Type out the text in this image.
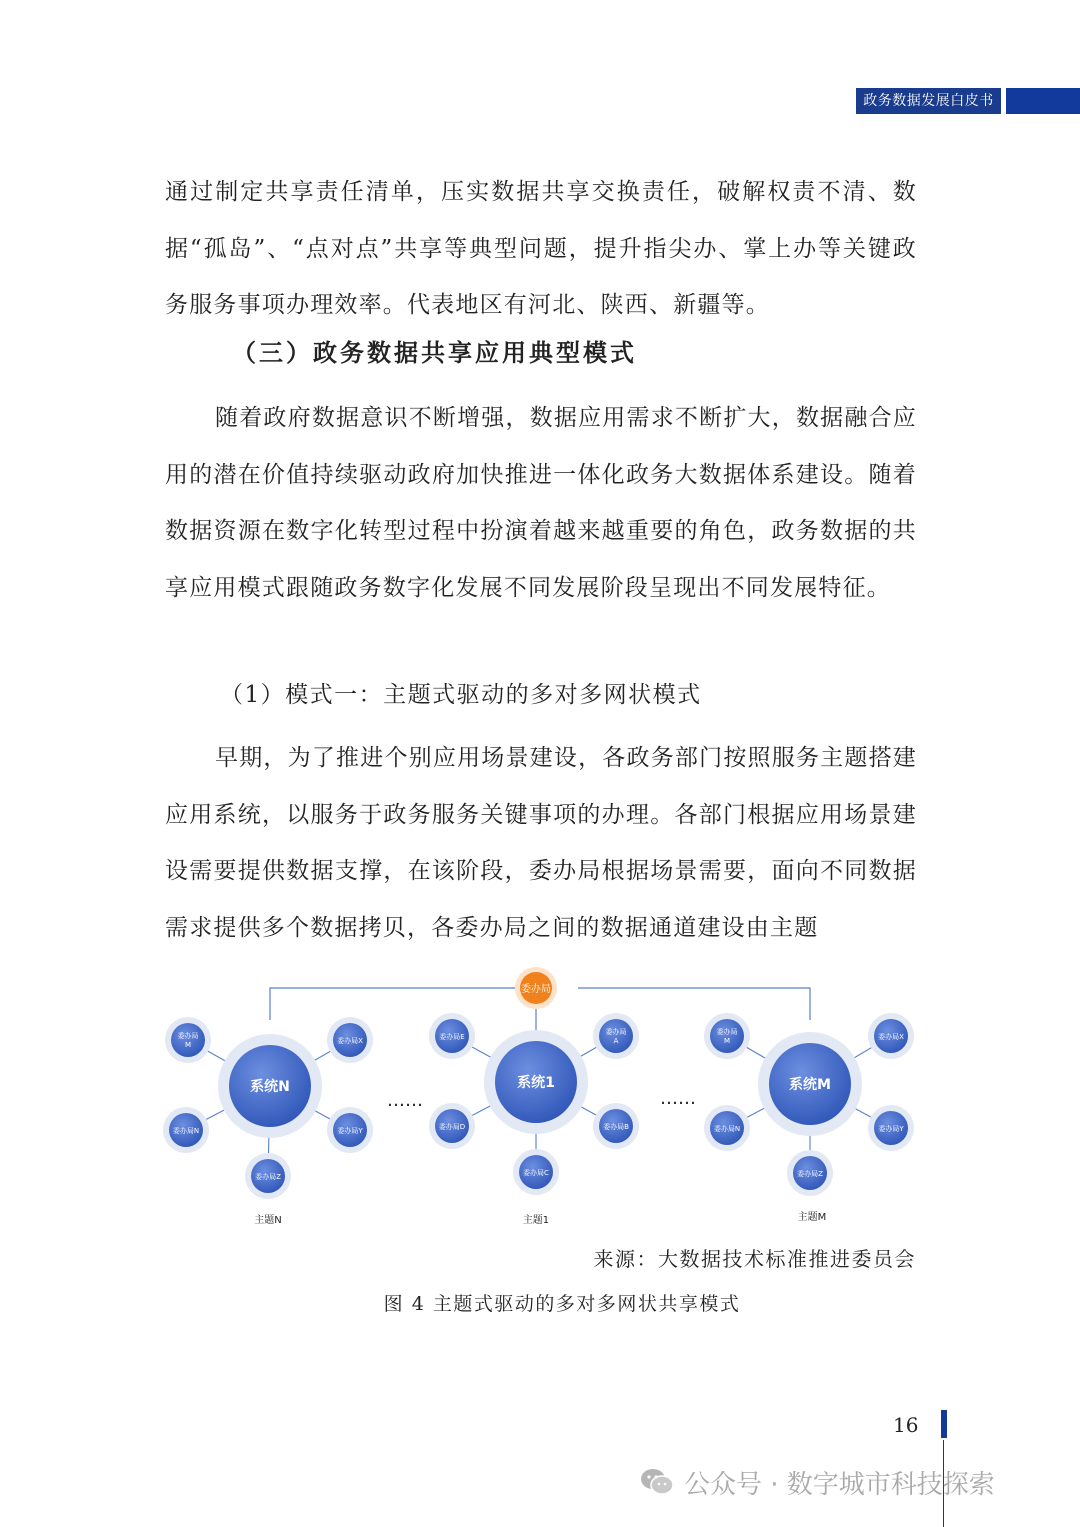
政务数据发展白皮书

通过制定共享责任清单，压实数据共享交换责任，破解权责不清、数据“孤岛”、“点对点”共享等典型问题，提升指尖办、掌上办等关键政务服务事项办理效率。代表地区有河北、陕西、新疆等。

（三）政务数据共享应用典型模式

随着政府数据意识不断增强，数据应用需求不断扩大，数据融合应用的潜在价值持续驱动政府加快推进一体化政务大数据体系建设。随着数据资源在数字化转型过程中扮演着越来越重要的角色，政务数据的共享应用模式跟随政务数字化发展不同发展阶段呈现出不同发展特征。

（1）模式一：主题式驱动的多对多网状模式

早期，为了推进个别应用场景建设，各政务部门按照服务主题搭建应用系统，以服务于政务服务关键事项的办理。各部门根据应用场景建设需要提供数据支撑，在该阶段，委办局根据场景需要，面向不同数据需求提供多个数据拷贝，各委办局之间的数据通道建设由主题

委办局
系统N
委办局
M	委办局X
委办局N	委办局Y
委办局Z
主题N
……
系统1
委办局E
委办局
A
委办局D	委办局B
委办局C
主题1
……
系统M
委办局
M	委办局X
委办局N	委办局Y
委办局Z
主题M
来源：大数据技术标准推进委员会
图 4 主题式驱动的多对多网状共享模式
16
公众号 · 数字城市科技探索
